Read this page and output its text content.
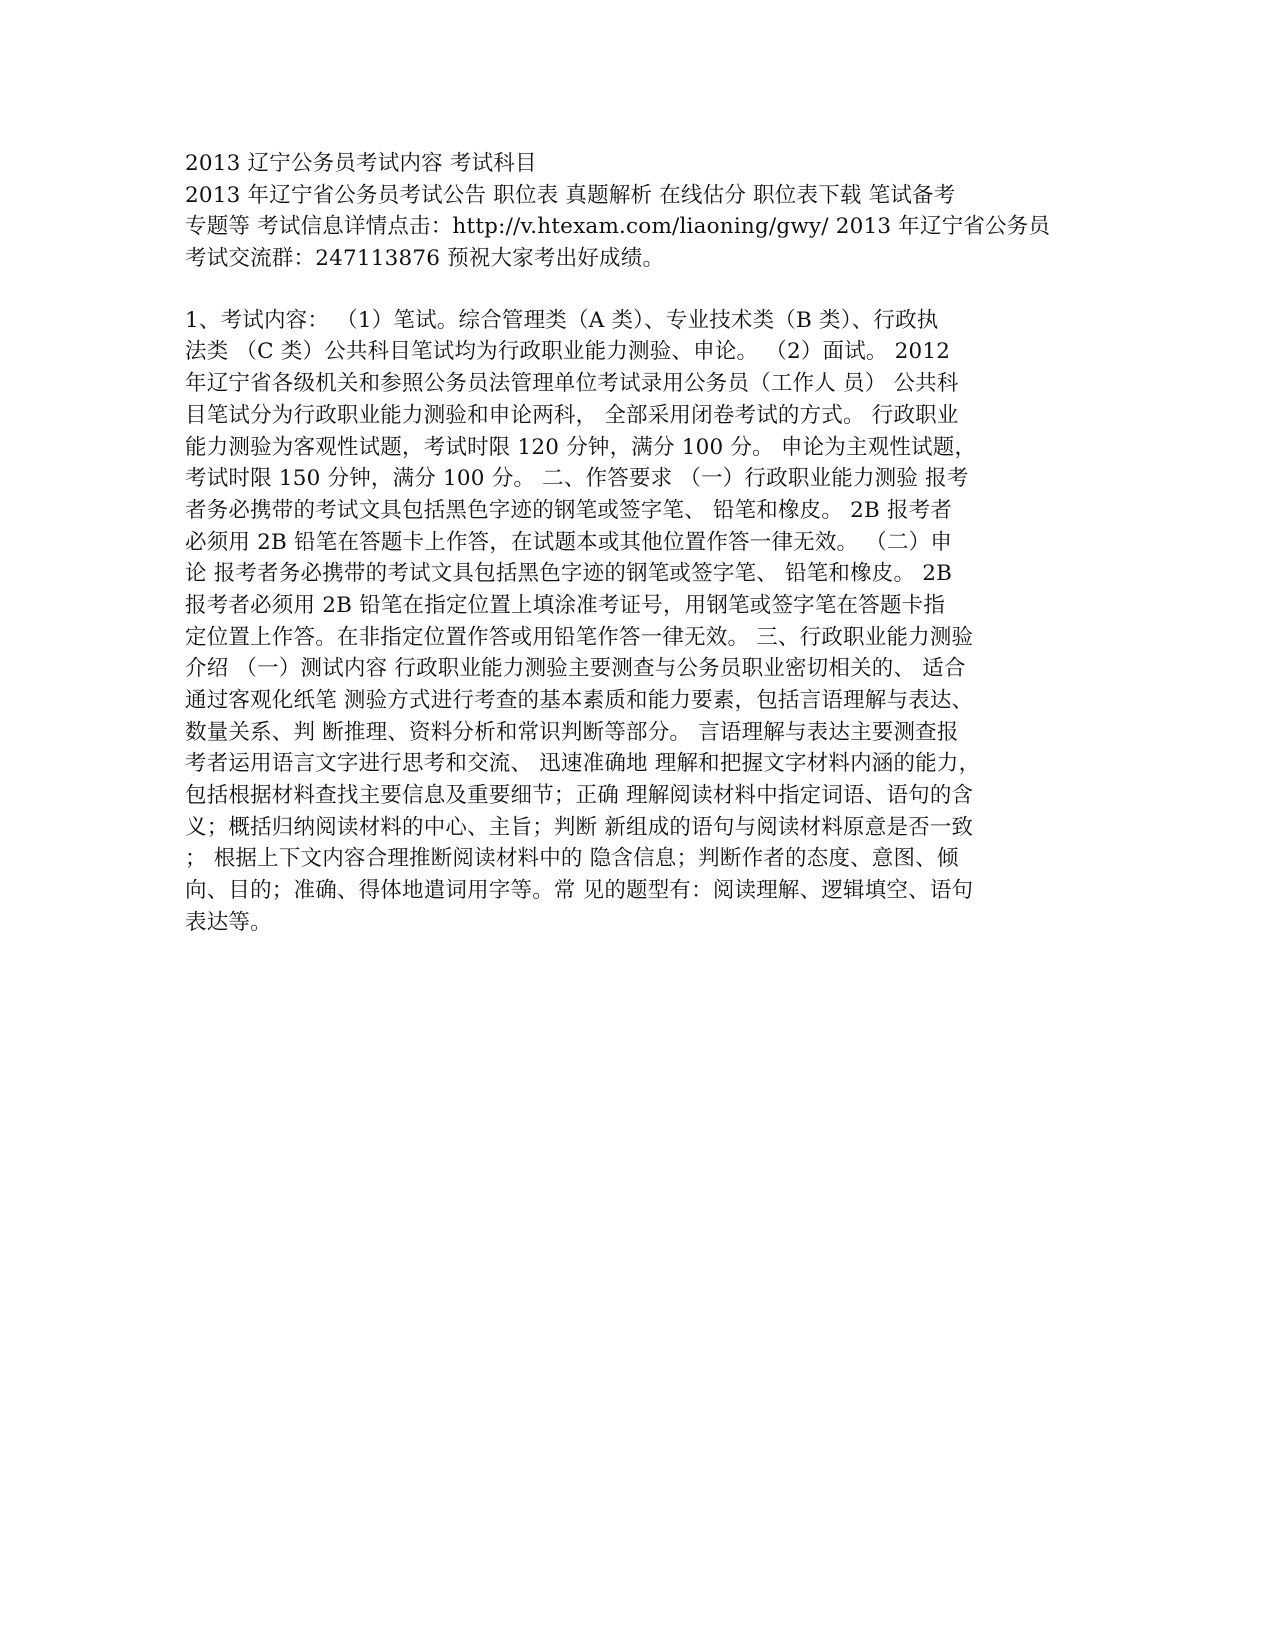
2013 辽宁公务员考试内容 考试科目
2013 年辽宁省公务员考试公告 职位表 真题解析 在线估分 职位表下载 笔试备考
专题等 考试信息详情点击：http://v.htexam.com/liaoning/gwy/ 2013 年辽宁省公务员
考试交流群：247113876 预祝大家考出好成绩。
1、考试内容： （1）笔试。综合管理类（A 类）、专业技术类（B 类）、行政执
法类 （C 类）公共科目笔试均为行政职业能力测验、申论。 （2）面试。 2012
年辽宁省各级机关和参照公务员法管理单位考试录用公务员（工作人 员） 公共科
目笔试分为行政职业能力测验和申论两科， 全部采用闭卷考试的方式。 行政职业
能力测验为客观性试题，考试时限 120 分钟，满分 100 分。 申论为主观性试题，
考试时限 150 分钟，满分 100 分。 二、作答要求 （一）行政职业能力测验 报考
者务必携带的考试文具包括黑色字迹的钢笔或签字笔、 铅笔和橡皮。 2B 报考者
必须用 2B 铅笔在答题卡上作答，在试题本或其他位置作答一律无效。 （二）申
论 报考者务必携带的考试文具包括黑色字迹的钢笔或签字笔、 铅笔和橡皮。 2B
报考者必须用 2B 铅笔在指定位置上填涂准考证号，用钢笔或签字笔在答题卡指
定位置上作答。在非指定位置作答或用铅笔作答一律无效。 三、行政职业能力测验
介绍 （一）测试内容 行政职业能力测验主要测查与公务员职业密切相关的、 适合
通过客观化纸笔 测验方式进行考查的基本素质和能力要素，包括言语理解与表达、
数量关系、判 断推理、资料分析和常识判断等部分。 言语理解与表达主要测查报
考者运用语言文字进行思考和交流、 迅速准确地 理解和把握文字材料内涵的能力，
包括根据材料查找主要信息及重要细节；正确 理解阅读材料中指定词语、语句的含
义；概括归纳阅读材料的中心、主旨；判断 新组成的语句与阅读材料原意是否一致
； 根据上下文内容合理推断阅读材料中的 隐含信息；判断作者的态度、意图、倾
向、目的；准确、得体地遣词用字等。常 见的题型有：阅读理解、逻辑填空、语句
表达等。
